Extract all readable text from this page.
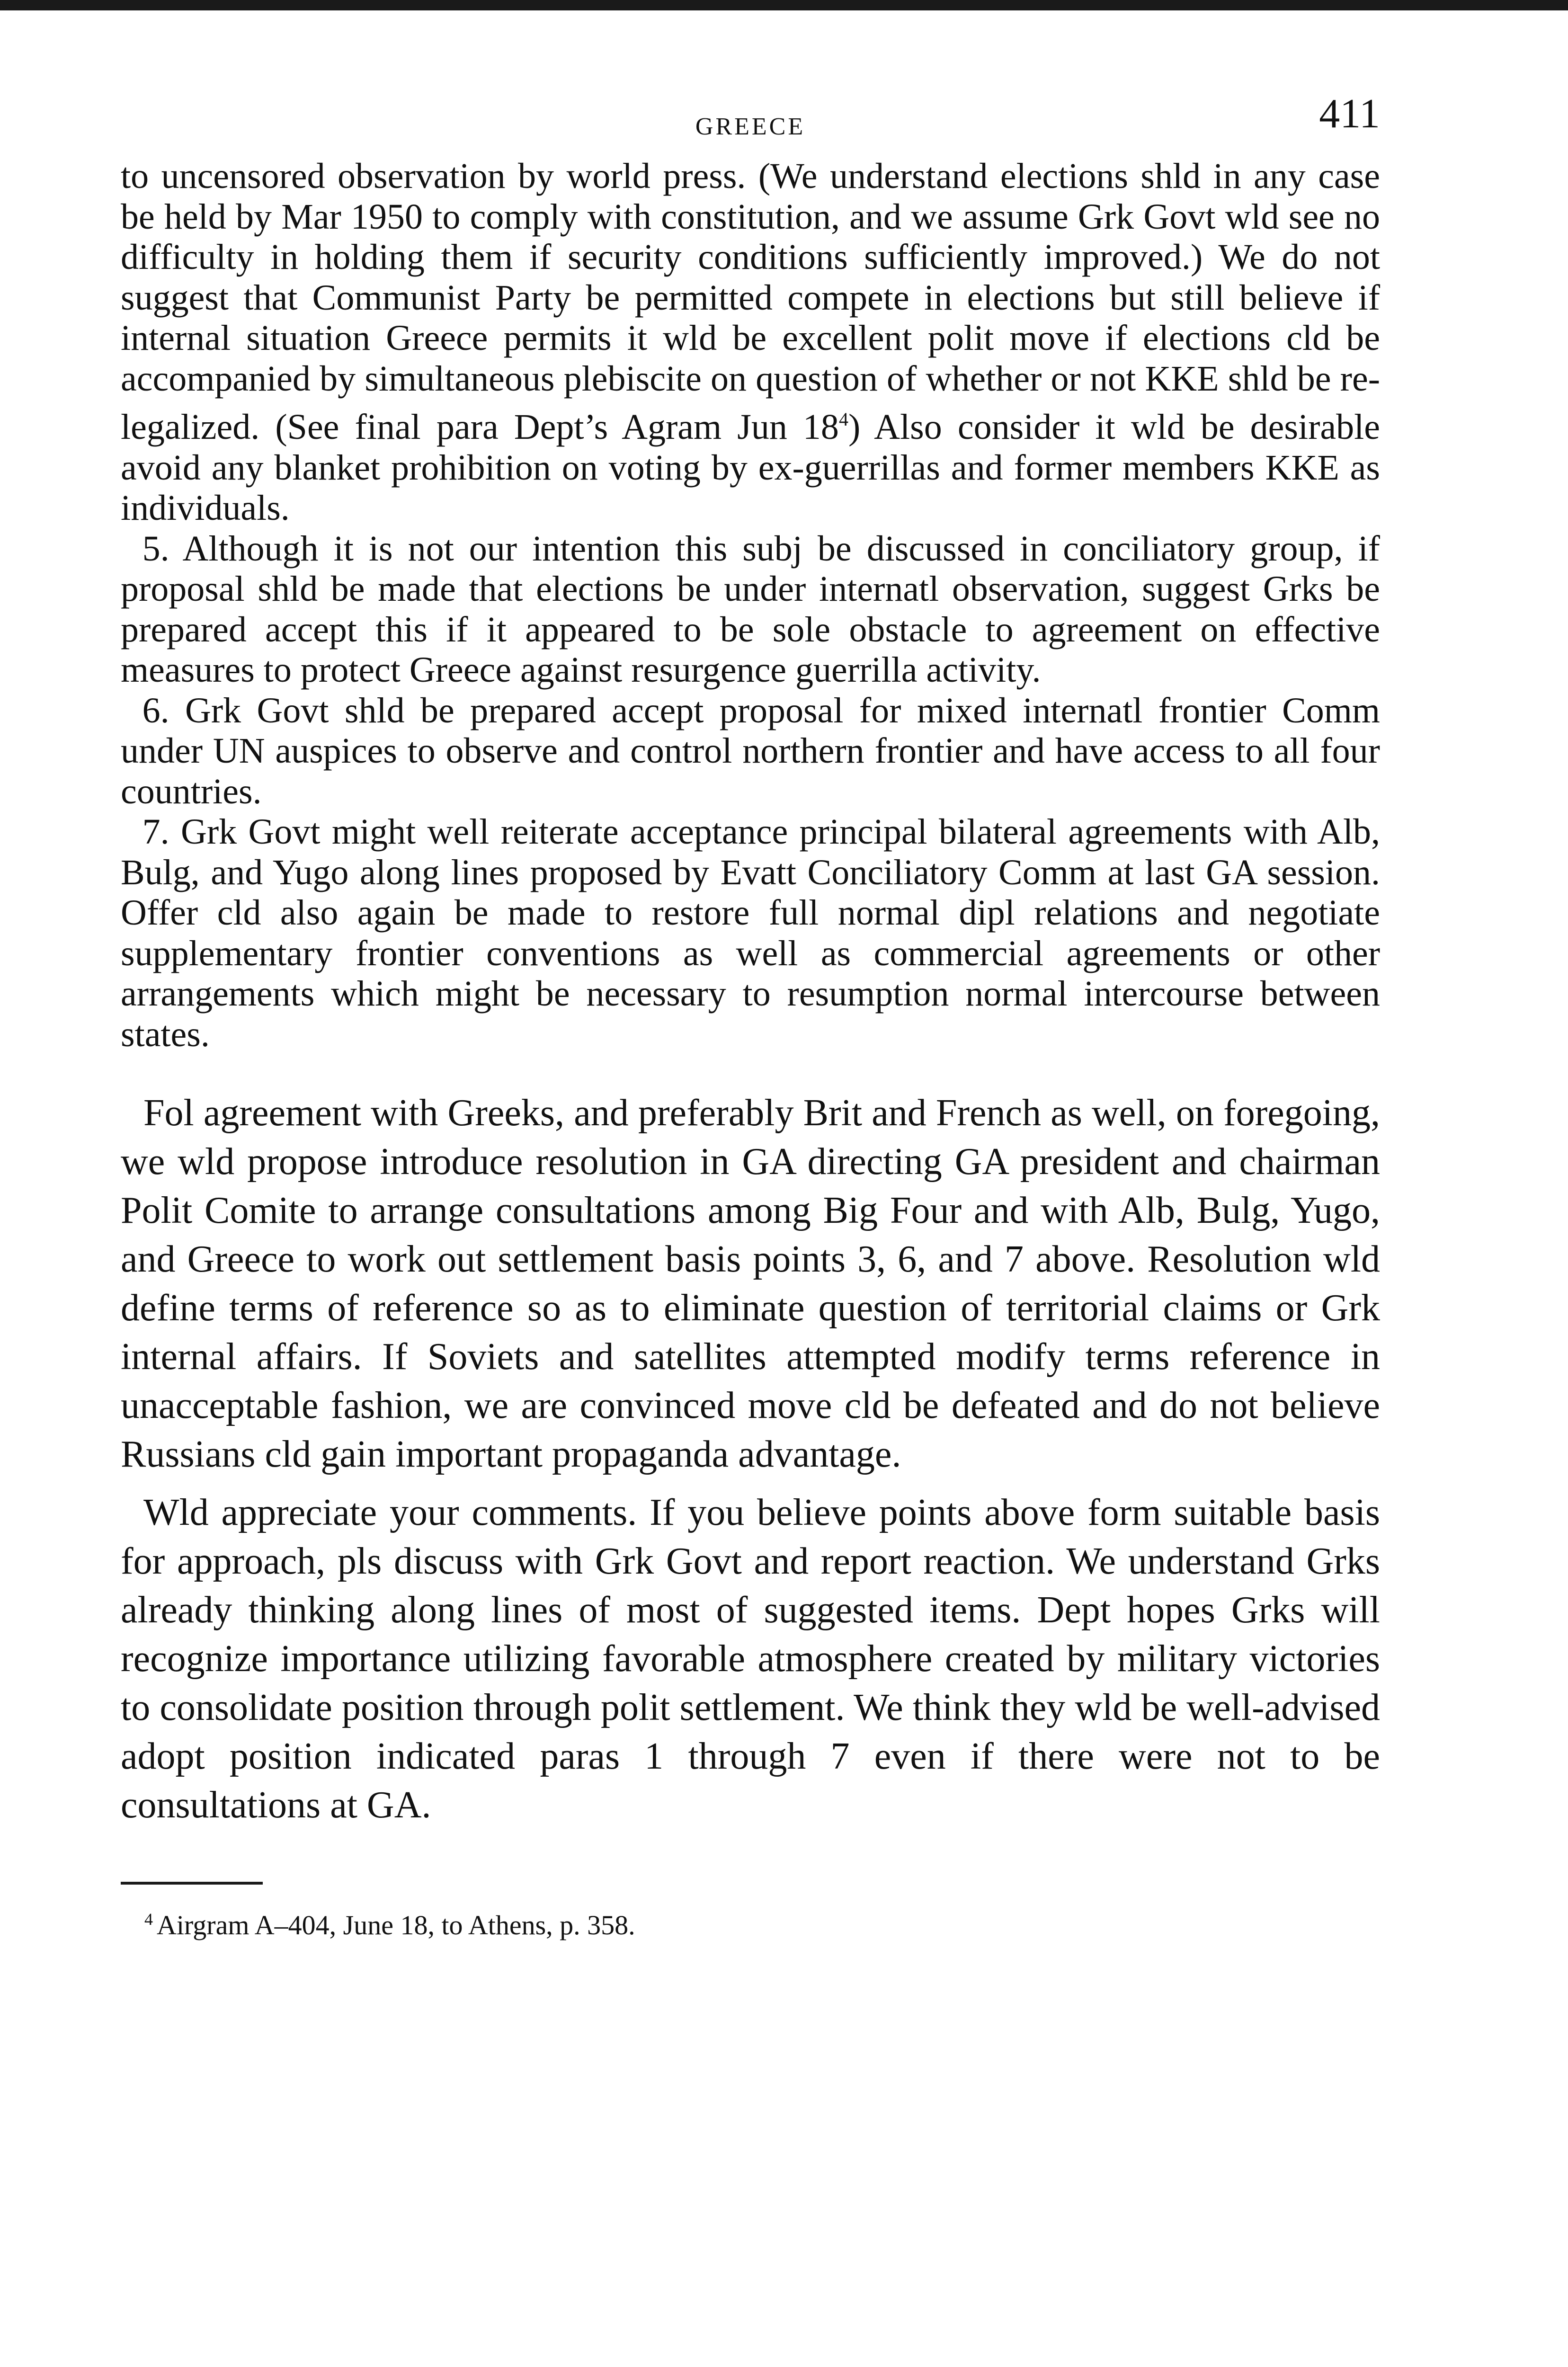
GREECE	411

to uncensored observation by world press. (We understand elections shld in any case be held by Mar 1950 to comply with constitution, and we assume Grk Govt wld see no difficulty in holding them if security conditions sufficiently improved.) We do not suggest that Communist Party be permitted compete in elections but still believe if internal situation Greece permits it wld be excellent polit move if elections cld be accompanied by simultaneous plebiscite on question of whether or not KKE shld be re-legalized. (See final para Dept’s Agram Jun 18$^4$) Also consider it wld be desirable avoid any blanket prohibition on voting by ex-guerrillas and former members KKE as individuals.

5. Although it is not our intention this subj be discussed in conciliatory group, if proposal shld be made that elections be under internatl observation, suggest Grks be prepared accept this if it appeared to be sole obstacle to agreement on effective measures to protect Greece against resurgence guerrilla activity.

6. Grk Govt shld be prepared accept proposal for mixed internatl frontier Comm under UN auspices to observe and control northern frontier and have access to all four countries.

7. Grk Govt might well reiterate acceptance principal bilateral agreements with Alb, Bulg, and Yugo along lines proposed by Evatt Conciliatory Comm at last GA session. Offer cld also again be made to restore full normal dipl relations and negotiate supplementary frontier conventions as well as commercial agreements or other arrangements which might be necessary to resumption normal intercourse between states.

Fol agreement with Greeks, and preferably Brit and French as well, on foregoing, we wld propose introduce resolution in GA directing GA president and chairman Polit Comite to arrange consultations among Big Four and with Alb, Bulg, Yugo, and Greece to work out settlement basis points 3, 6, and 7 above. Resolution wld define terms of reference so as to eliminate question of territorial claims or Grk internal affairs. If Soviets and satellites attempted modify terms reference in unacceptable fashion, we are convinced move cld be defeated and do not believe Russians cld gain important propaganda advantage.

Wld appreciate your comments. If you believe points above form suitable basis for approach, pls discuss with Grk Govt and report reaction. We understand Grks already thinking along lines of most of suggested items. Dept hopes Grks will recognize importance utilizing favorable atmosphere created by military victories to consolidate position through polit settlement. We think they wld be well-advised adopt position indicated paras 1 through 7 even if there were not to be consultations at GA.

$^4$ Airgram A–404, June 18, to Athens, p. 358.
